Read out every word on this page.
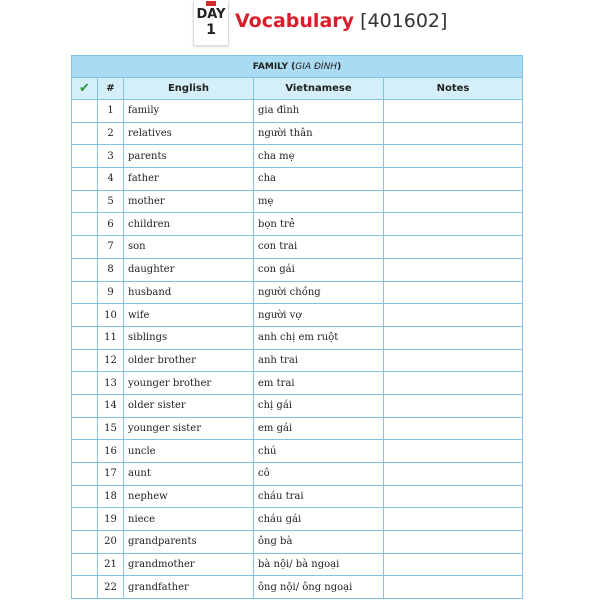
DAY
1 Vocabulary [401602]
FAMILY (GIA ĐÌNH)				
✔	#	English	Vietnamese	Notes
	1	family	gia đình	
	2	relatives	người thân	
	3	parents	cha mẹ	
	4	father	cha	
	5	mother	mẹ	
	6	children	bọn trẻ	
	7	son	con trai	
	8	daughter	con gái	
	9	husband	người chồng	
	10	wife	người vợ	
	11	siblings	anh chị em ruột	
	12	older brother	anh trai	
	13	younger brother	em trai	
	14	older sister	chị gái	
	15	younger sister	em gái	
	16	uncle	chú	
	17	aunt	cô	
	18	nephew	cháu trai	
	19	niece	cháu gái	
	20	grandparents	ông bà	
	21	grandmother	bà nội/ bà ngoại	
	22	grandfather	ông nội/ ông ngoại	
